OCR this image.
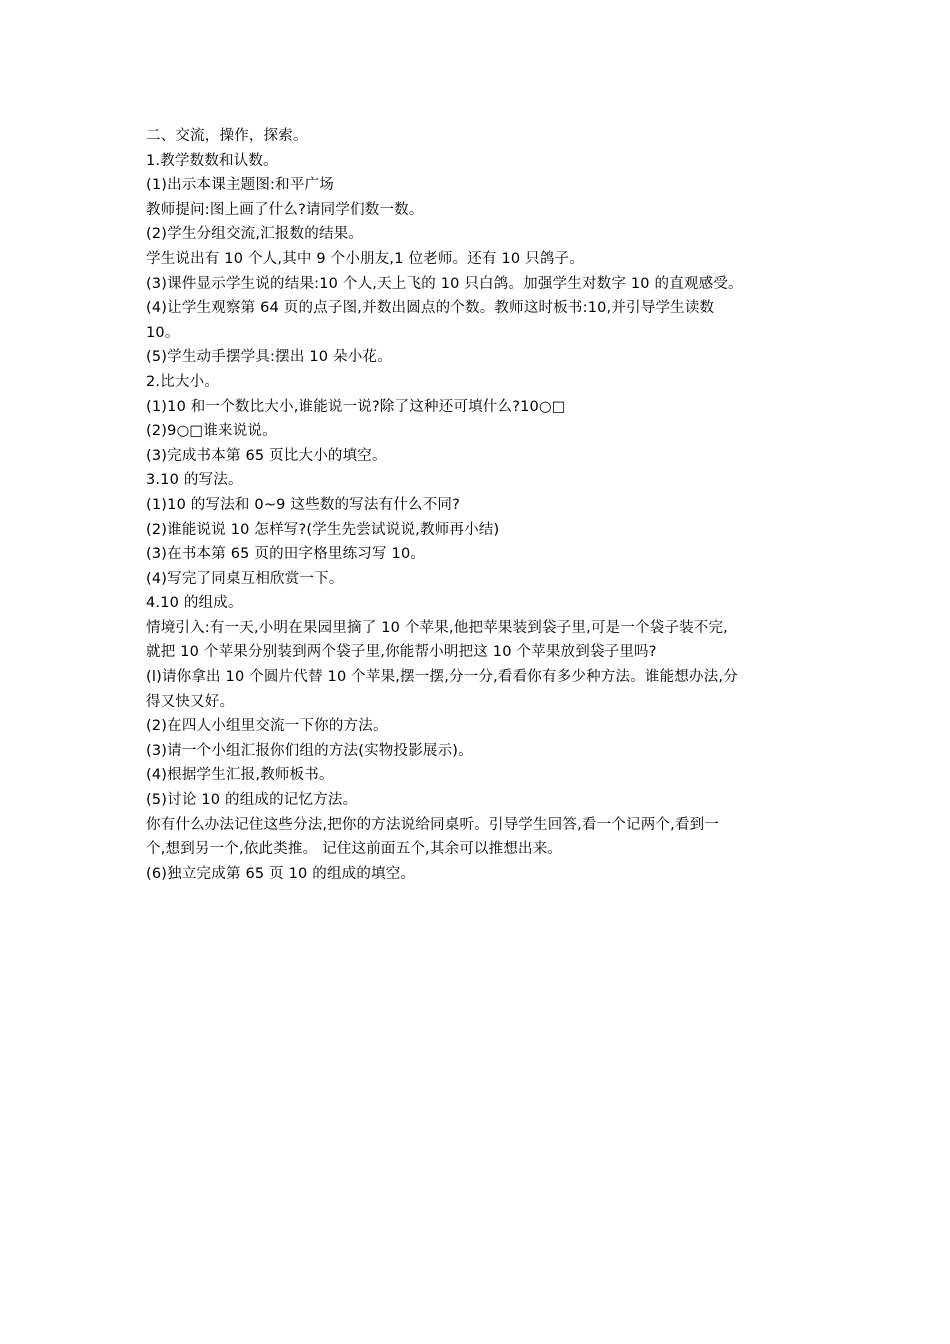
二、交流，操作，探索。
1.教学数数和认数。
(1)出示本课主题图:和平广场
教师提问:图上画了什么?请同学们数一数。
(2)学生分组交流,汇报数的结果。
学生说出有 10 个人,其中 9 个小朋友,1 位老师。还有 10 只鸽子。
(3)课件显示学生说的结果:10 个人,天上飞的 10 只白鸽。加强学生对数字 10 的直观感受。
(4)让学生观察第 64 页的点子图,并数出圆点的个数。教师这时板书:10,并引导学生读数
10。
(5)学生动手摆学具:摆出 10 朵小花。
2.比大小。
(1)10 和一个数比大小,谁能说一说?除了这种还可填什么?10○□
(2)9○□谁来说说。
(3)完成书本第 65 页比大小的填空。
3.10 的写法。
(1)10 的写法和 0~9 这些数的写法有什么不同?
(2)谁能说说 10 怎样写?(学生先尝试说说,教师再小结)
(3)在书本第 65 页的田字格里练习写 10。
(4)写完了同桌互相欣赏一下。
4.10 的组成。
情境引入:有一天,小明在果园里摘了 10 个苹果,他把苹果装到袋子里,可是一个袋子装不完,
就把 10 个苹果分别装到两个袋子里,你能帮小明把这 10 个苹果放到袋子里吗?
(l)请你拿出 10 个圆片代替 10 个苹果,摆一摆,分一分,看看你有多少种方法。谁能想办法,分
得又快又好。
(2)在四人小组里交流一下你的方法。
(3)请一个小组汇报你们组的方法(实物投影展示)。
(4)根据学生汇报,教师板书。
(5)讨论 10 的组成的记忆方法。
你有什么办法记住这些分法,把你的方法说给同桌听。引导学生回答,看一个记两个,看到一
个,想到另一个,依此类推。 记住这前面五个,其余可以推想出来。
(6)独立完成第 65 页 10 的组成的填空。
